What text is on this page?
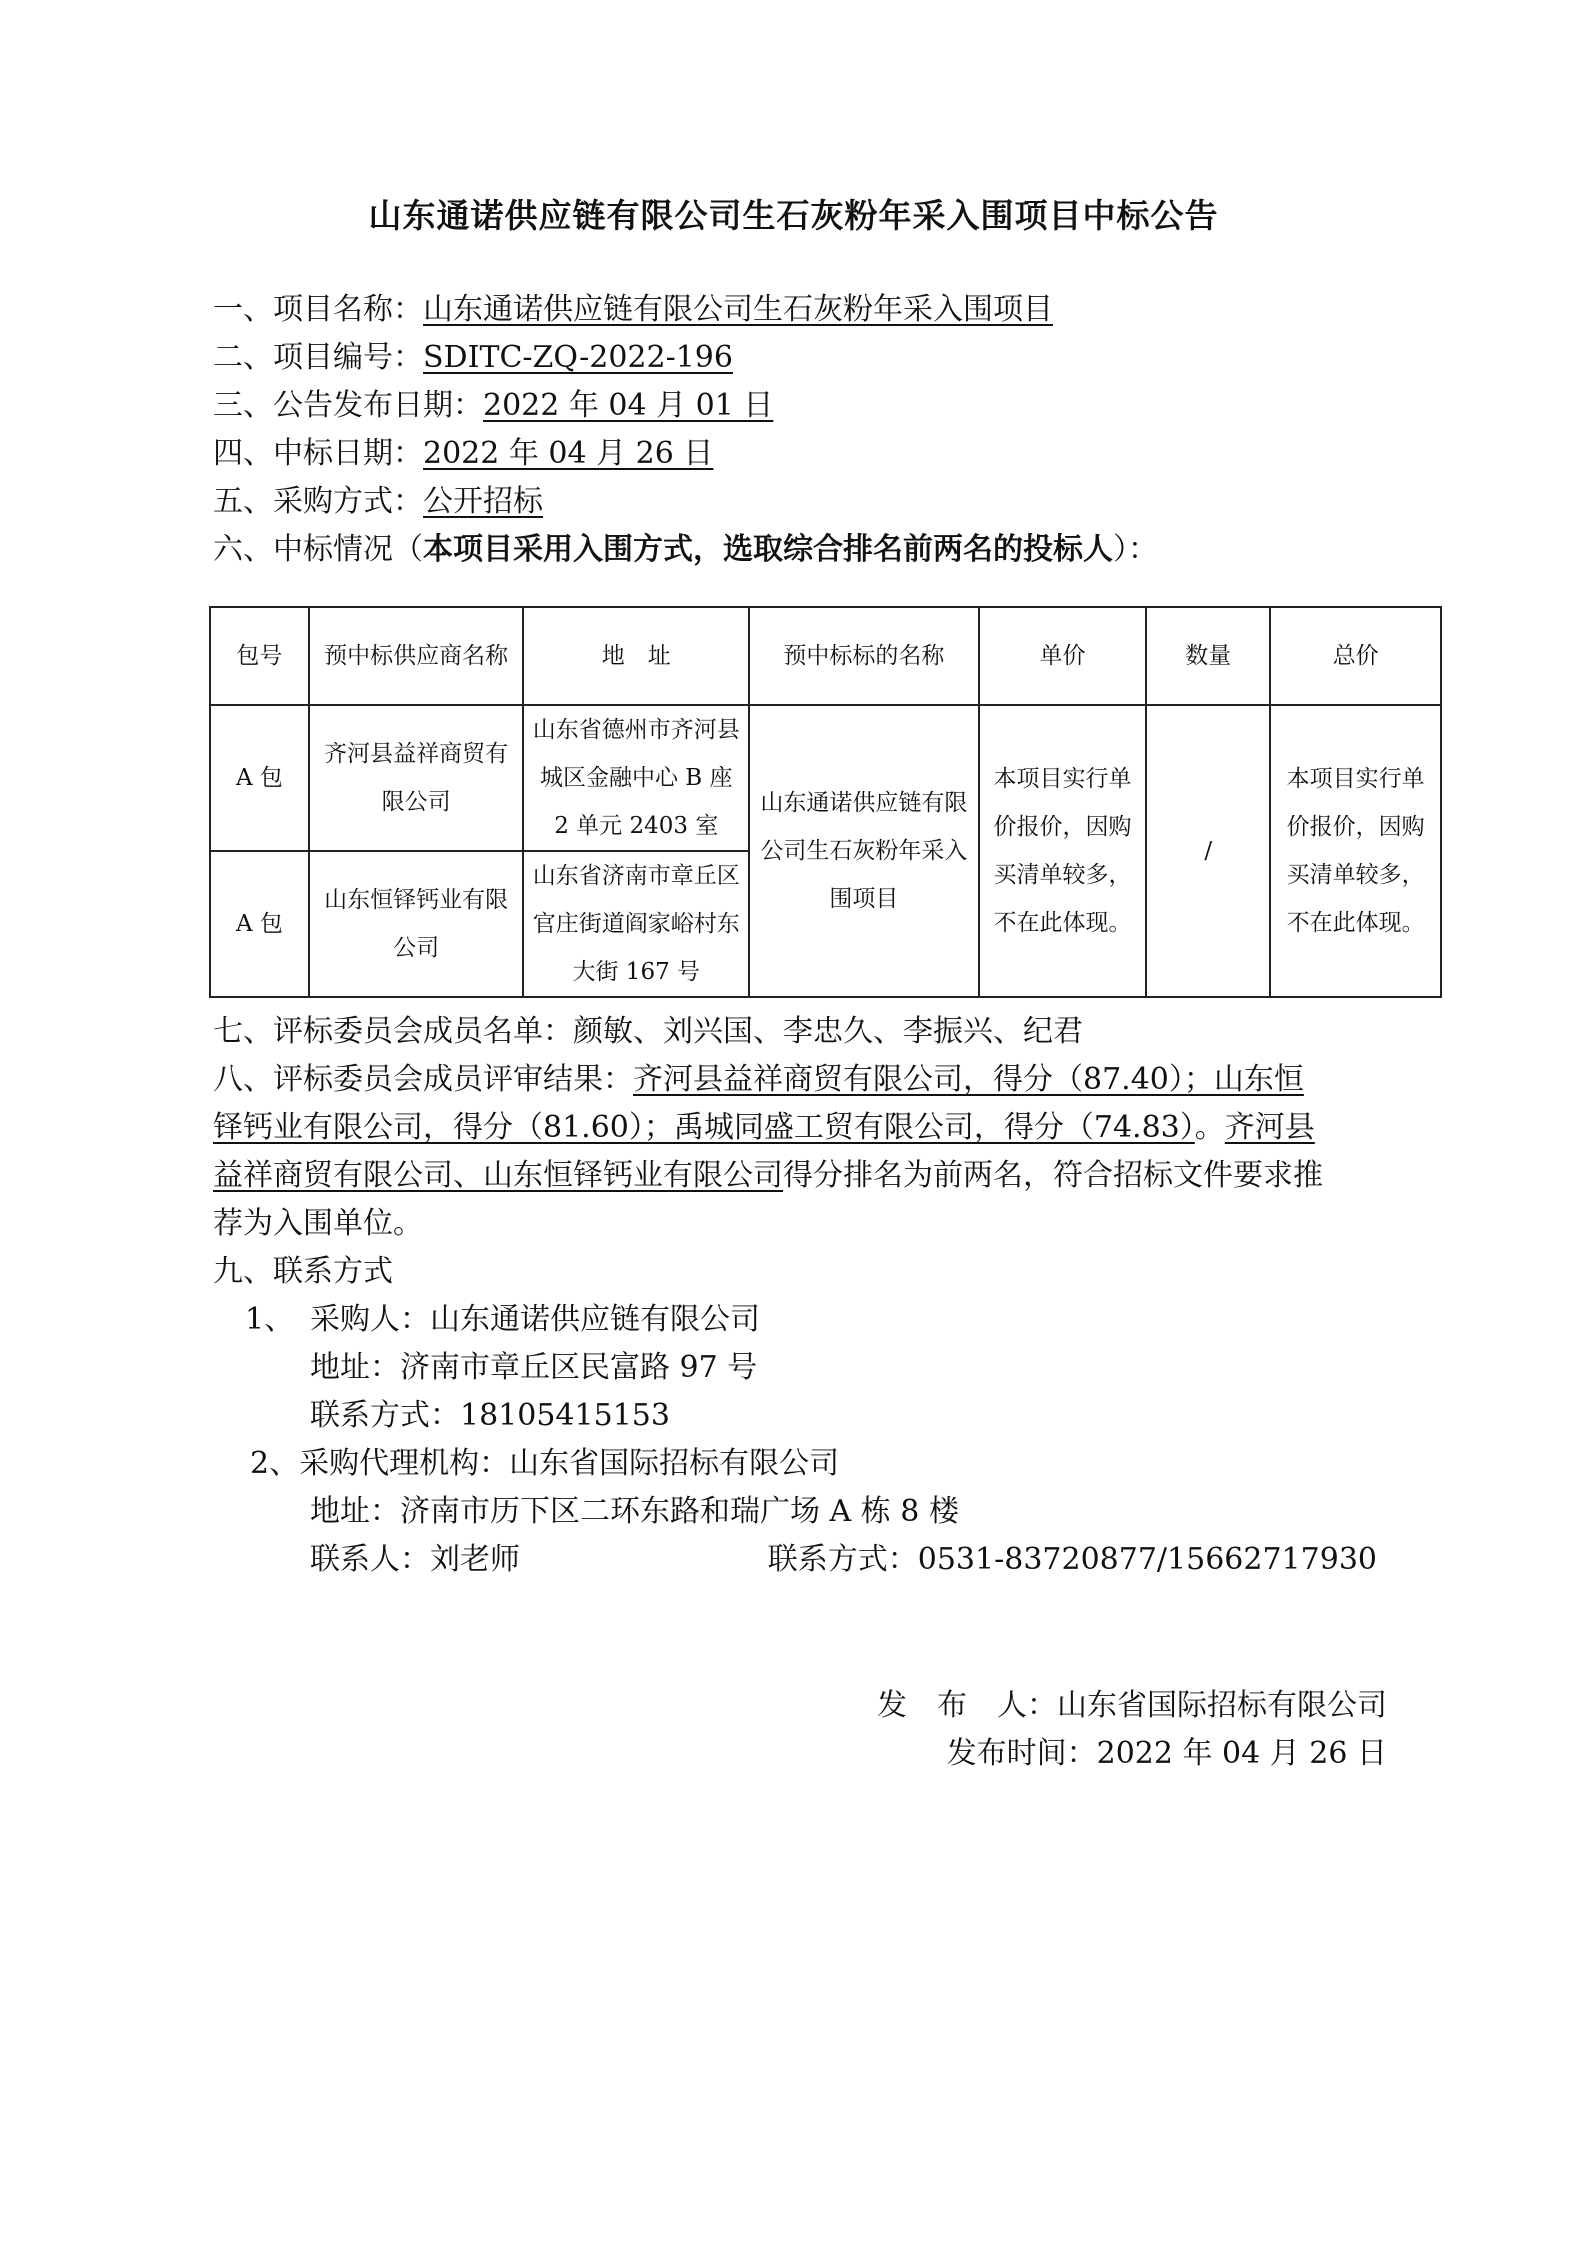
山东通诺供应链有限公司生石灰粉年采入围项目中标公告
一、项目名称：山东通诺供应链有限公司生石灰粉年采入围项目
二、项目编号：SDITC-ZQ-2022-196
三、公告发布日期：2022 年 04 月 01 日
四、中标日期：2022 年 04 月 26 日
五、采购方式：公开招标
六、中标情况（本项目采用入围方式，选取综合排名前两名的投标人）：
包号	预中标供应商名称	地　址	预中标标的名称	单价	数量	总价
A 包	齐河县益祥商贸有限公司	山东省德州市齐河县城区金融中心 B 座 2 单元 2403 室	山东通诺供应链有限公司生石灰粉年采入围项目	本项目实行单价报价，因购买清单较多，不在此体现。	/	本项目实行单价报价，因购买清单较多，不在此体现。
A 包	山东恒铎钙业有限公司	山东省济南市章丘区官庄街道阎家峪村东大街 167 号				
七、评标委员会成员名单：颜敏、刘兴国、李忠久、李振兴、纪君
八、评标委员会成员评审结果：齐河县益祥商贸有限公司，得分（87.40）；山东恒
铎钙业有限公司，得分（81.60）；禹城同盛工贸有限公司，得分（74.83）。齐河县
益祥商贸有限公司、山东恒铎钙业有限公司得分排名为前两名，符合招标文件要求推
荐为入围单位。
九、联系方式
1、 采购人：山东通诺供应链有限公司
地址：济南市章丘区民富路 97 号
联系方式：18105415153
2、采购代理机构：山东省国际招标有限公司
地址：济南市历下区二环东路和瑞广场 A 栋 8 楼
联系人：刘老师	联系方式：0531-83720877/15662717930
发　布　人：山东省国际招标有限公司
发布时间：2022 年 04 月 26 日
